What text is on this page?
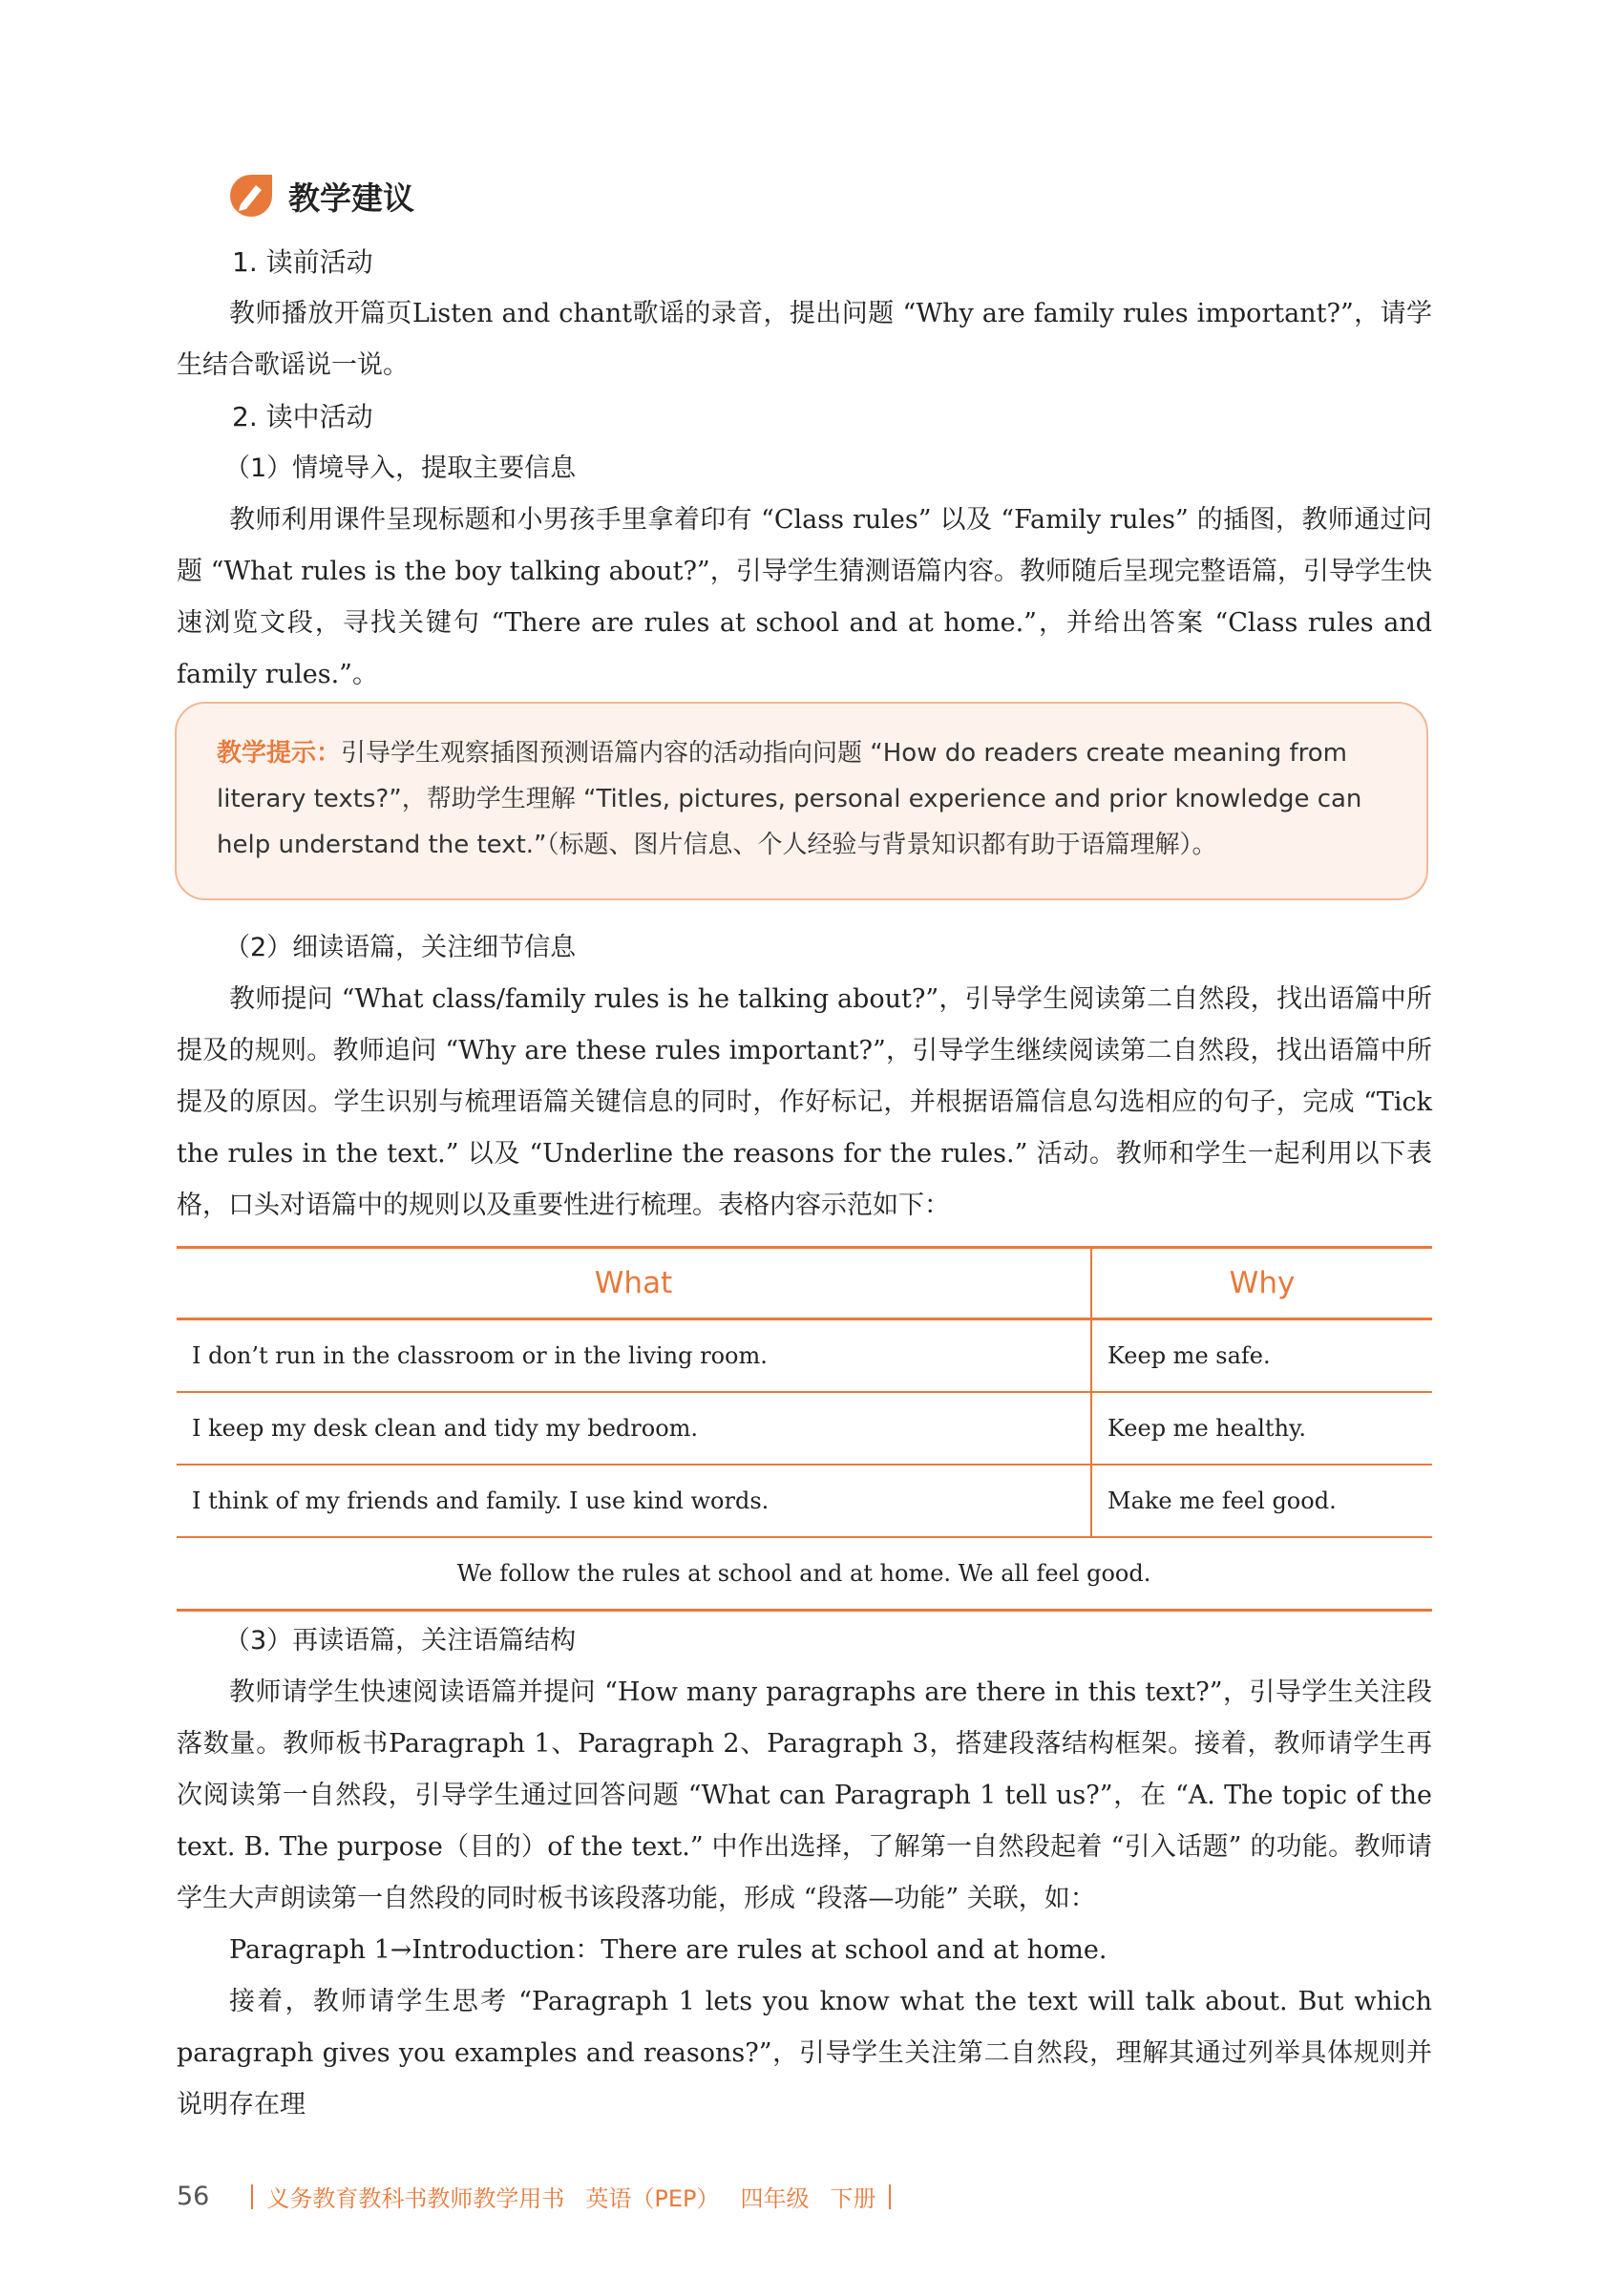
教学建议

1. 读前活动

教师播放开篇页Listen and chant歌谣的录音，提出问题 “Why are family rules important?”，请学生结合歌谣说一说。

2. 读中活动

（1）情境导入，提取主要信息

教师利用课件呈现标题和小男孩手里拿着印有 “Class rules” 以及 “Family rules” 的插图，教师通过问题 “What rules is the boy talking about?”，引导学生猜测语篇内容。教师随后呈现完整语篇，引导学生快速浏览文段，寻找关键句 “There are rules at school and at home.”，并给出答案 “Class rules and family rules.”。

教学提示：引导学生观察插图预测语篇内容的活动指向问题 “How do readers create meaning from literary texts?”，帮助学生理解 “Titles, pictures, personal experience and prior knowledge can help understand the text.”（标题、图片信息、个人经验与背景知识都有助于语篇理解）。

（2）细读语篇，关注细节信息

教师提问 “What class/family rules is he talking about?”，引导学生阅读第二自然段，找出语篇中所提及的规则。教师追问 “Why are these rules important?”，引导学生继续阅读第二自然段，找出语篇中所提及的原因。学生识别与梳理语篇关键信息的同时，作好标记，并根据语篇信息勾选相应的句子，完成 “Tick the rules in the text.” 以及 “Underline the reasons for the rules.” 活动。教师和学生一起利用以下表格，口头对语篇中的规则以及重要性进行梳理。表格内容示范如下：

What	Why
I don’t run in the classroom or in the living room.	Keep me safe.
I keep my desk clean and tidy my bedroom.	Keep me healthy.
I think of my friends and family. I use kind words.	Make me feel good.
We follow the rules at school and at home. We all feel good.	

（3）再读语篇，关注语篇结构

教师请学生快速阅读语篇并提问 “How many paragraphs are there in this text?”，引导学生关注段落数量。教师板书Paragraph 1、Paragraph 2、Paragraph 3，搭建段落结构框架。接着，教师请学生再次阅读第一自然段，引导学生通过回答问题 “What can Paragraph 1 tell us?”，在 “A. The topic of the text. B. The purpose（目的）of the text.” 中作出选择，了解第一自然段起着 “引入话题” 的功能。教师请学生大声朗读第一自然段的同时板书该段落功能，形成 “段落—功能” 关联，如：

Paragraph 1→Introduction：There are rules at school and at home.

接着，教师请学生思考 “Paragraph 1 lets you know what the text will talk about. But which paragraph gives you examples and reasons?”，引导学生关注第二自然段，理解其通过列举具体规则并说明存在理

56	义务教育教科书教师教学用书 英语（PEP） 四年级 下册
